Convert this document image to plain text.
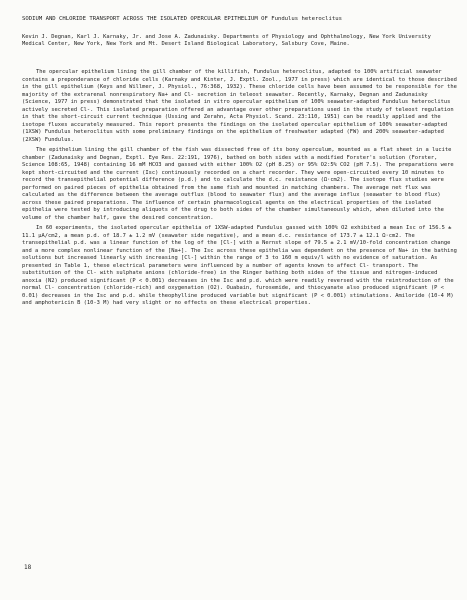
SODIUM AND CHLORIDE TRANSPORT ACROSS THE ISOLATED OPERCULAR EPITHELIUM OF Fundulus heteroclitus
Kevin J. Degnan, Karl J. Karnaky, Jr. and Jose A. Zadunaisky. Departments of Physiology and Ophthalmology, New York University Medical Center, New York, New York and Mt. Desert Island Biological Laboratory, Salsbury Cove, Maine.

The opercular epithelium lining the gill chamber of the killifish, Fundulus heteroclitus, adapted to 100% artificial seawater contains a preponderance of chloride cells (Karnaky and Kinter, J. Exptl. Zool., 1977 in press) which are identical to those described in the gill epithelium (Keys and Willmer, J. Physiol., 76:368, 1932). These chloride cells have been assumed to be responsible for the majority of the extrarenal nonrespiratory Na+ and Cl- secretion in teleost seawater. Recently, Karnaky, Degnan and Zadunaisky (Science, 1977 in press) demonstrated that the isolated in vitro opercular epithelium of 100% seawater-adapted Fundulus heteroclitus actively secreted Cl-. This isolated preparation offered an advantage over other preparations used in the study of teleost regulation in that the short-circuit current technique (Ussing and Zerahn, Acta Physiol. Scand. 23:110, 1951) can be readily applied and the isotope fluxes accurately measured. This report presents the findings on the isolated opercular epithelium of 100% seawater-adapted (1XSW) Fundulus heteroclitus with some preliminary findings on the epithelium of freshwater adapted (FW) and 200% seawater-adapted (2XSW) Fundulus.

The epithelium lining the gill chamber of the fish was dissected free of its bony operculum, mounted as a flat sheet in a lucite chamber (Zadunaisky and Degnan, Exptl. Eye Res. 22:191, 1976), bathed on both sides with a modified Forster's solution (Forster, Science 108:65, 1948) containing 16 mM HCO3 and gassed with either 100% O2 (pH 8.25) or 95% O2:5% CO2 (pH 7.5). The preparations were kept short-circuited and the current (Isc) continuously recorded on a chart recorder. They were open-circuited every 10 minutes to record the transepithelial potential difference (p.d.) and to calculate the d.c. resistance (Ω·cm2). The isotope flux studies were performed on paired pieces of epithelia obtained from the same fish and mounted in matching chambers. The average net flux was calculated as the difference between the average outflux (blood to seawater flux) and the average influx (seawater to blood flux) across these paired preparations. The influence of certain pharmacological agents on the electrical properties of the isolated epithelia were tested by introducing aliquots of the drug to both sides of the chamber simultaneously which, when diluted into the volume of the chamber half, gave the desired concentration.

In 60 experiments, the isolated opercular epithelia of 1XSW-adapted Fundulus gassed with 100% O2 exhibited a mean Isc of 156.5 ± 11.1 µA/cm2, a mean p.d. of 18.7 ± 1.2 mV (seawater side negative), and a mean d.c. resistance of 173.7 ± 12.1 Ω·cm2. The transepithelial p.d. was a linear function of the log of the [Cl-] with a Nernst slope of 79.5 ± 2.1 mV/10-fold concentration change and a more complex nonlinear function of the [Na+]. The Isc across these epithelia was dependent on the presence of Na+ in the bathing solutions but increased linearly with increasing [Cl-] within the range of 3 to 160 m equiv/l with no evidence of saturation. As presented in Table 1, these electrical parameters were influenced by a number of agents known to affect Cl- transport. The substitution of the Cl- with sulphate anions (chloride-free) in the Ringer bathing both sides of the tissue and nitrogen-induced anoxia (N2) produced significant (P < 0.001) decreases in the Isc and p.d. which were readily reversed with the reintroduction of the normal Cl- concentration (chloride-rich) and oxygenation (O2). Ouabain, furosemide, and thiocyanate also produced significant (P < 0.01) decreases in the Isc and p.d. while theophylline produced variable but significant (P < 0.001) stimulations. Amiloride (10-4 M) and amphotericin B (10-3 M) had very slight or no effects on these electrical properties.

18
